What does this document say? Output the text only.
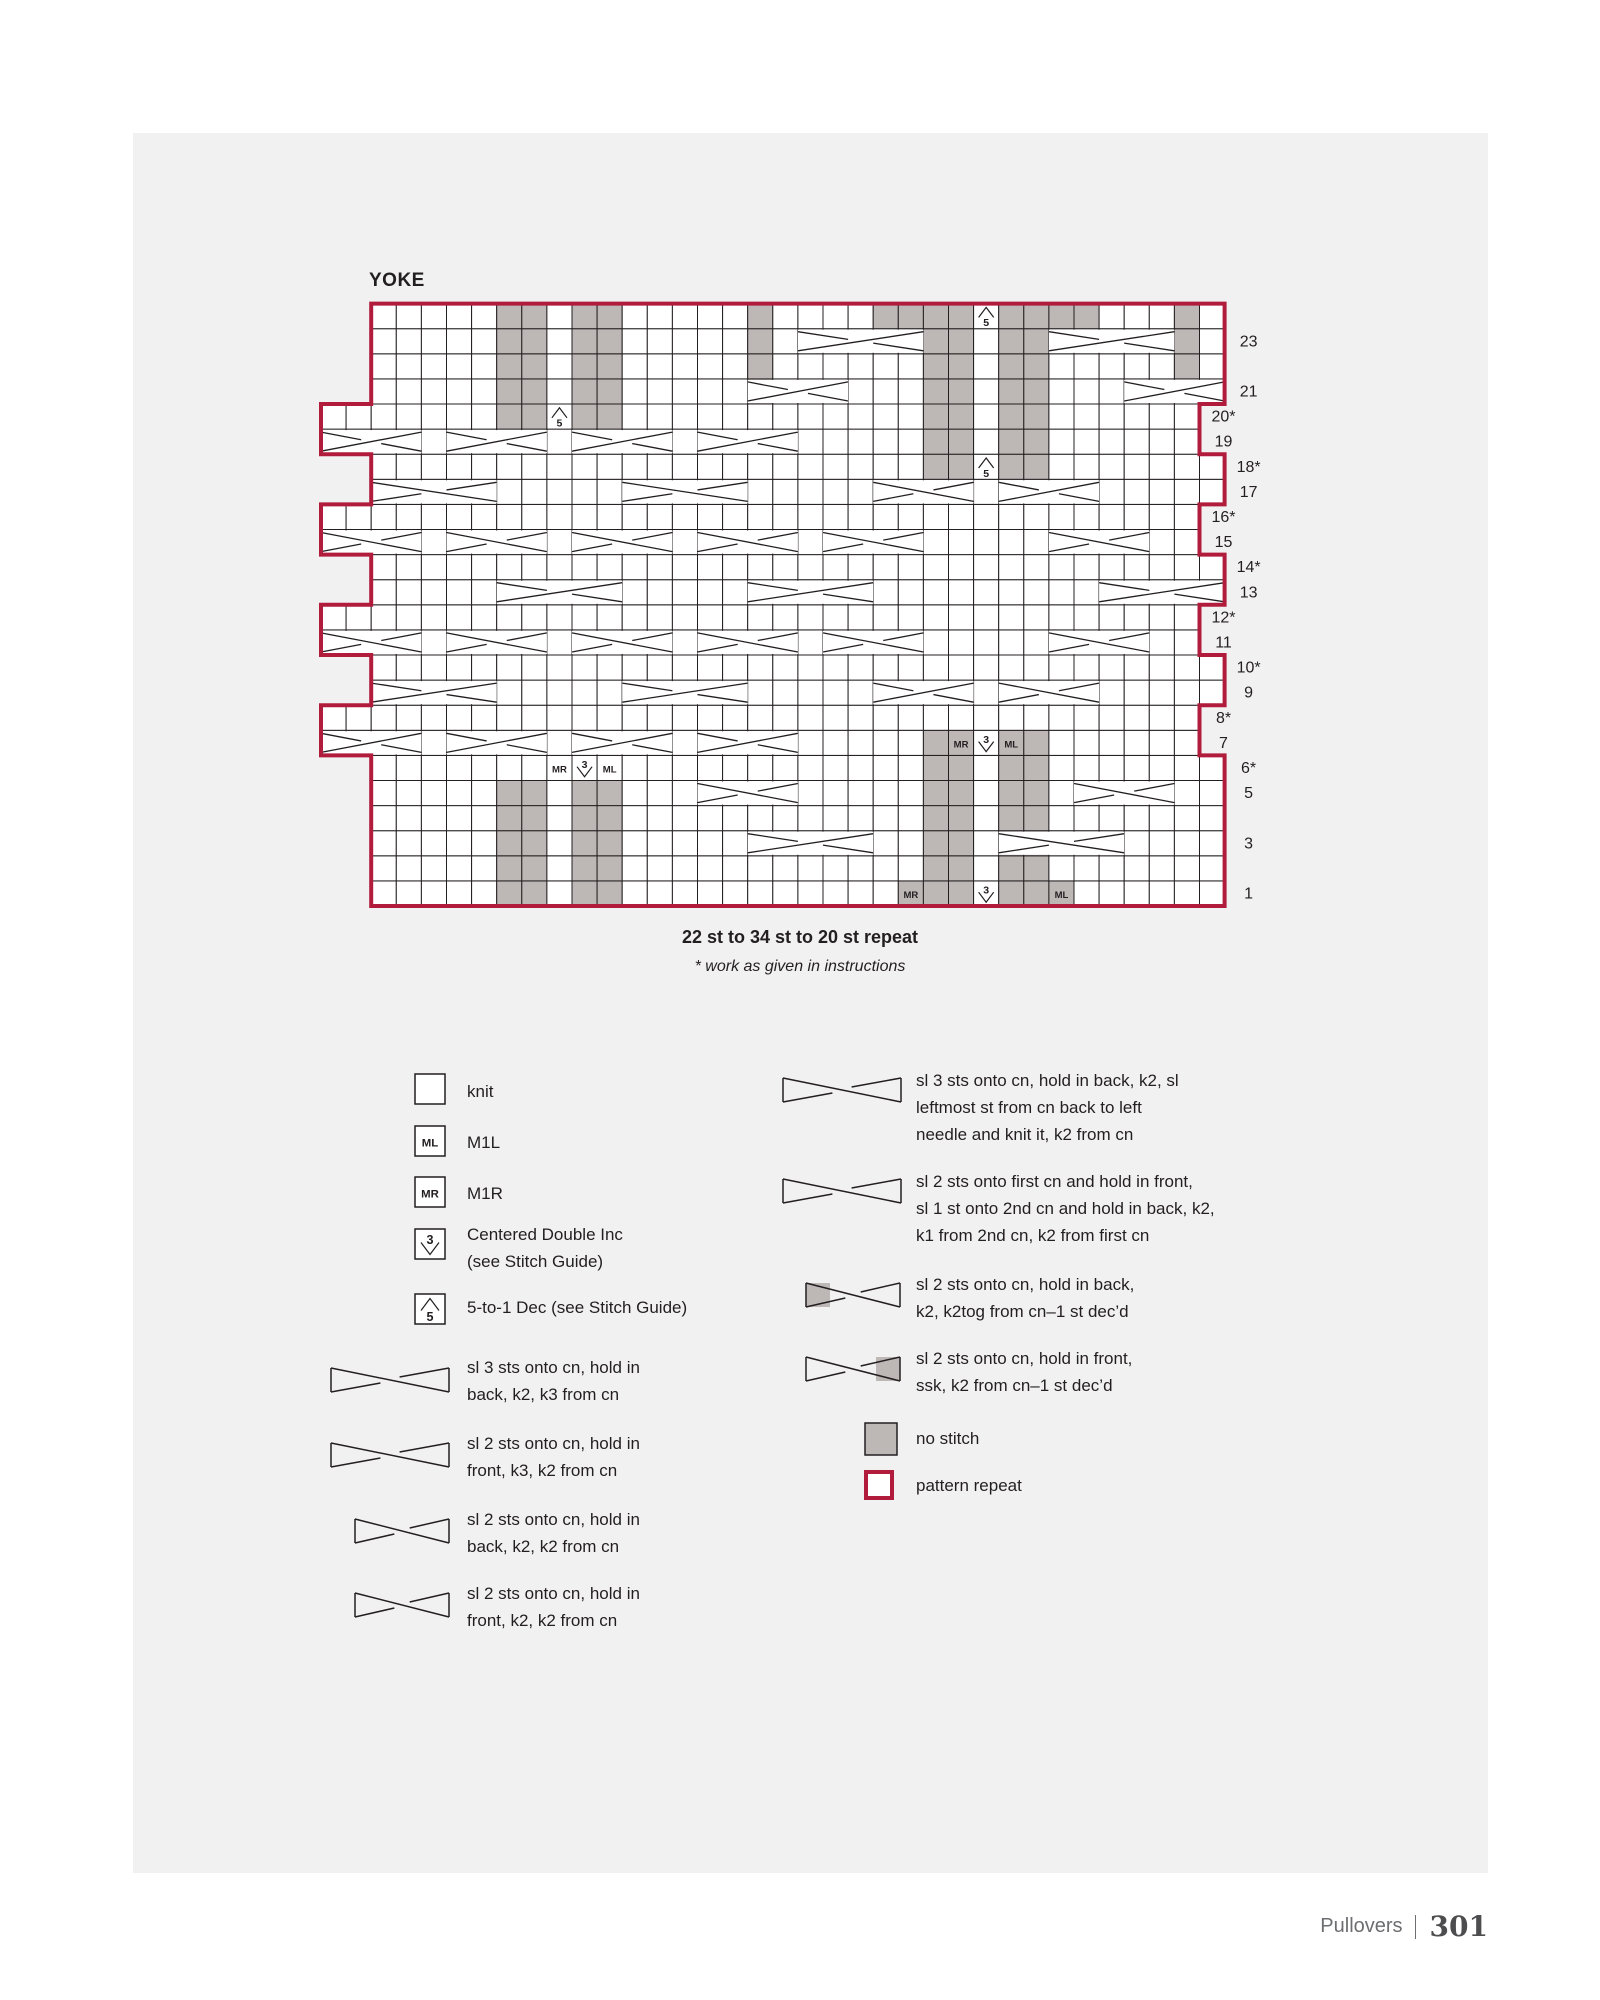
YOKE
MR	3	ML
MR 3 ML
MR 3 ML
5
5
5
1
3
5
6*
7
8*
9
10*
11
12*
13
14*
15
16*
17
18*
19
20*
21
23
22 st to 34 st to 20 st repeat
* work as given in instructions
knit
ML M1L
MR M1R
3 Centered Double Inc
(see Stitch Guide)
5 5-to-1 Dec (see Stitch Guide)
sl 3 sts onto cn, hold in
back, k2, k3 from cn
sl 2 sts onto cn, hold in
front, k3, k2 from cn
sl 2 sts onto cn, hold in
back, k2, k2 from cn
sl 2 sts onto cn, hold in
front, k2, k2 from cn
sl 3 sts onto cn, hold in back, k2, sl
leftmost st from cn back to left
needle and knit it, k2 from cn
sl 2 sts onto first cn and hold in front,
sl 1 st onto 2nd cn and hold in back, k2,
k1 from 2nd cn, k2 from first cn
sl 2 sts onto cn, hold in back,
k2, k2tog from cn–1 st dec’d
sl 2 sts onto cn, hold in front,
ssk, k2 from cn–1 st dec’d
no stitch
pattern repeat
Pullovers 301
